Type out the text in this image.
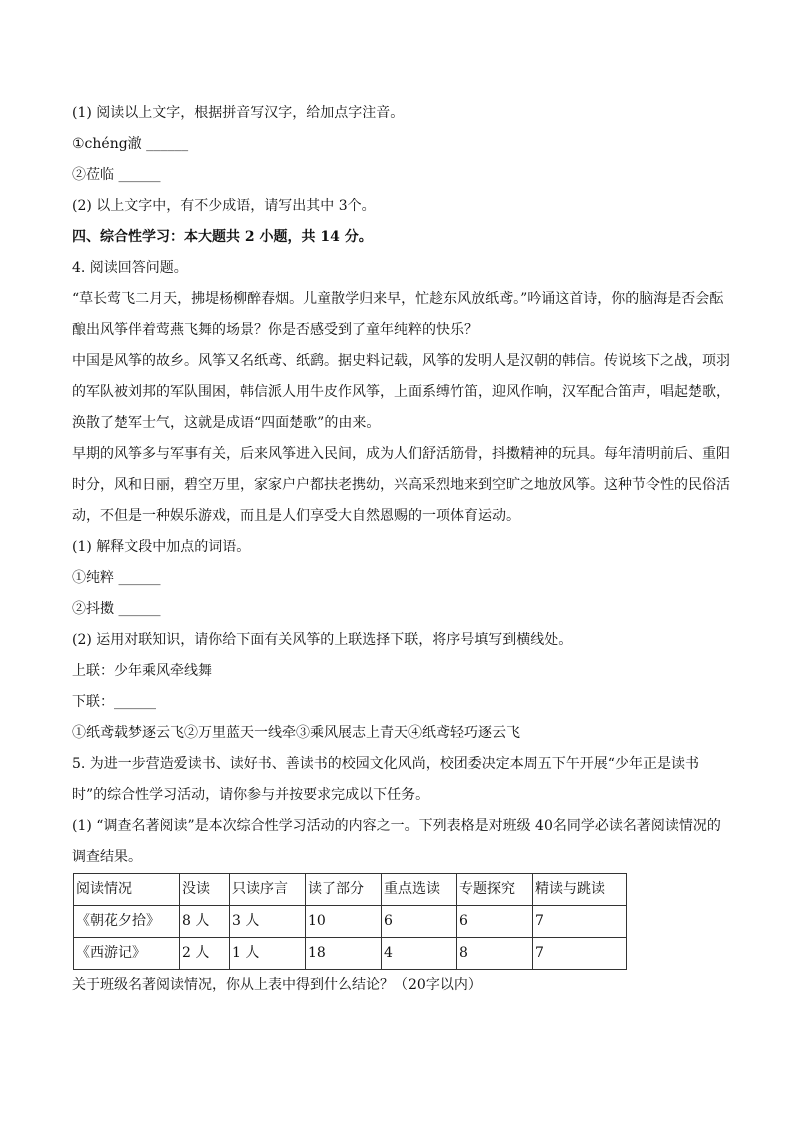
(1) 阅读以上文字，根据拼音写汉字，给加点字注音。
①chéng澈 ______
②莅临 ______
(2) 以上文字中，有不少成语，请写出其中 3个。
四、综合性学习：本大题共 2 小题，共 14 分。
4. 阅读回答问题。
“草长莺飞二月天，拂堤杨柳醉春烟。儿童散学归来早，忙趁东风放纸鸢。”吟诵这首诗，你的脑海是否会酝酿出风筝伴着莺燕飞舞的场景？你是否感受到了童年纯粹的快乐？
中国是风筝的故乡。风筝又名纸鸢、纸鹞。据史料记载，风筝的发明人是汉朝的韩信。传说垓下之战，项羽的军队被刘邦的军队围困，韩信派人用牛皮作风筝，上面系缚竹笛，迎风作响，汉军配合笛声，唱起楚歌，涣散了楚军士气，这就是成语“四面楚歌”的由来。
早期的风筝多与军事有关，后来风筝进入民间，成为人们舒活筋骨，抖擞精神的玩具。每年清明前后、重阳时分，风和日丽，碧空万里，家家户户都扶老携幼，兴高采烈地来到空旷之地放风筝。这种节令性的民俗活动，不但是一种娱乐游戏，而且是人们享受大自然恩赐的一项体育运动。
(1) 解释文段中加点的词语。
①纯粹 ______
②抖擞 ______
(2) 运用对联知识，请你给下面有关风筝的上联选择下联，将序号填写到横线处。
上联：少年乘风牵线舞
下联：______
①纸鸢载梦逐云飞②万里蓝天一线牵③乘风展志上青天④纸鸢轻巧逐云飞
5. 为进一步营造爱读书、读好书、善读书的校园文化风尚，校团委决定本周五下午开展“少年正是读书时”的综合性学习活动，请你参与并按要求完成以下任务。
(1) “调查名著阅读”是本次综合性学习活动的内容之一。下列表格是对班级 40名同学必读名著阅读情况的调查结果。
阅读情况	没读	只读序言	读了部分	重点选读	专题探究	精读与跳读
《朝花夕拾》	8 人	3 人	10	6	6	7
《西游记》	2 人	1 人	18	4	8	7
关于班级名著阅读情况，你从上表中得到什么结论？（20字以内）
